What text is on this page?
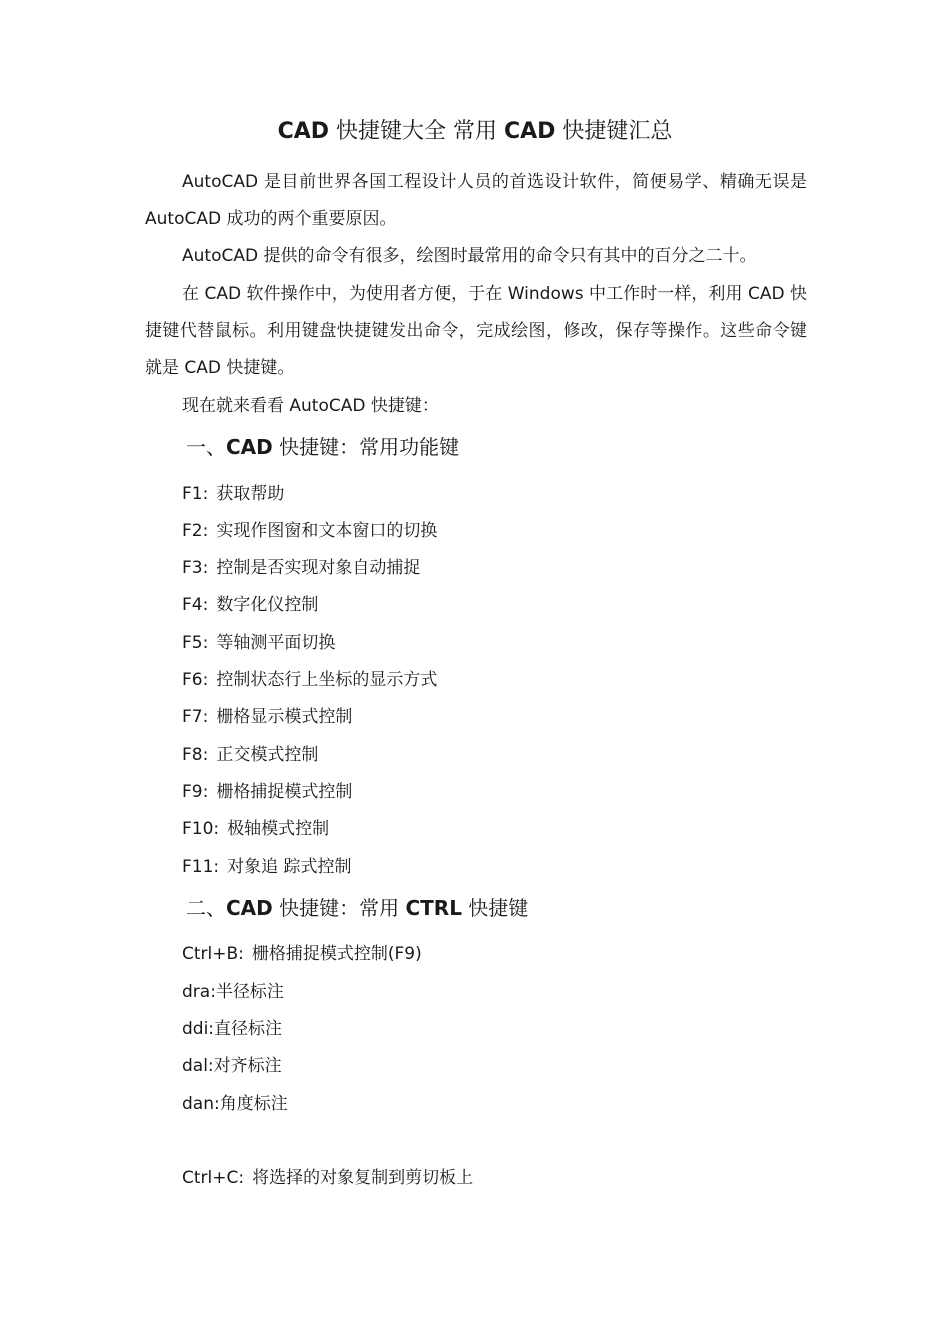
CAD 快捷键大全 常用 CAD 快捷键汇总

AutoCAD 是目前世界各国工程设计人员的首选设计软件，简便易学、精确无误是 AutoCAD 成功的两个重要原因。

AutoCAD 提供的命令有很多，绘图时最常用的命令只有其中的百分之二十。

在 CAD 软件操作中，为使用者方便，于在 Windows 中工作时一样，利用 CAD 快捷键代替鼠标。利用键盘快捷键发出命令，完成绘图，修改，保存等操作。这些命令键就是 CAD 快捷键。

现在就来看看 AutoCAD 快捷键：

一、CAD 快捷键：常用功能键
F1: 获取帮助
F2: 实现作图窗和文本窗口的切换
F3: 控制是否实现对象自动捕捉
F4: 数字化仪控制
F5: 等轴测平面切换
F6: 控制状态行上坐标的显示方式
F7: 栅格显示模式控制
F8: 正交模式控制
F9: 栅格捕捉模式控制
F10: 极轴模式控制
F11: 对象追 踪式控制
二、CAD 快捷键：常用 CTRL 快捷键
Ctrl+B: 栅格捕捉模式控制(F9)
dra:半径标注
ddi:直径标注
dal:对齐标注
dan:角度标注
Ctrl+C: 将选择的对象复制到剪切板上
